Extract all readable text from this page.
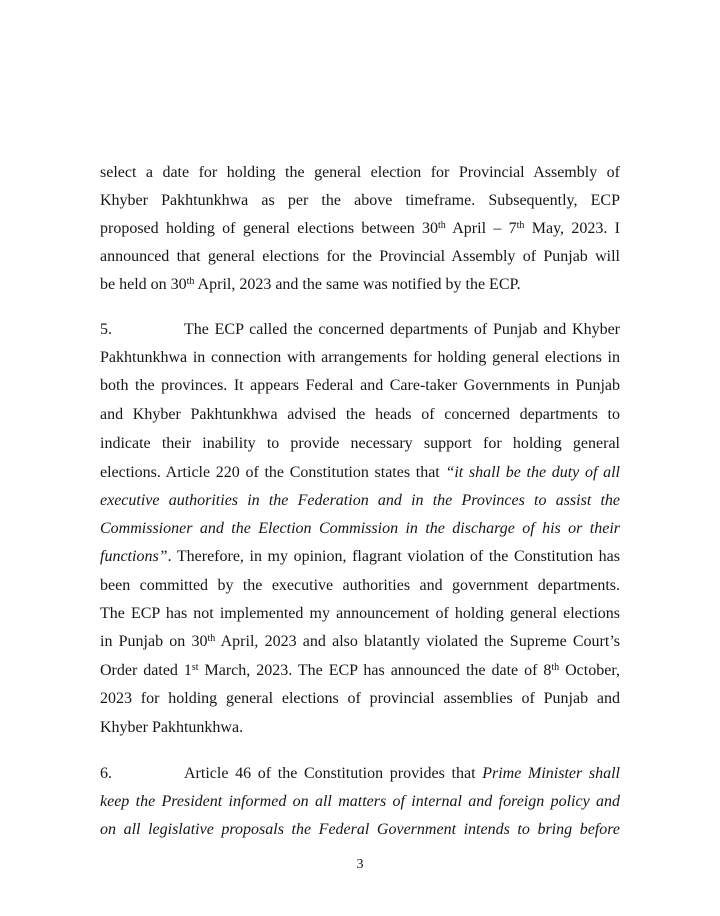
select a date for holding the general election for Provincial Assembly of
Khyber Pakhtunkhwa as per the above timeframe. Subsequently, ECP
proposed holding of general elections between 30th April – 7th May, 2023. I
announced that general elections for the Provincial Assembly of Punjab will
be held on 30th April, 2023 and the same was notified by the ECP.
5.	The ECP called the concerned departments of Punjab and Khyber
Pakhtunkhwa in connection with arrangements for holding general elections in
both the provinces. It appears Federal and Care-taker Governments in Punjab
and Khyber Pakhtunkhwa advised the heads of concerned departments to
indicate their inability to provide necessary support for holding general
elections. Article 220 of the Constitution states that “it shall be the duty of all
executive authorities in the Federation and in the Provinces to assist the
Commissioner and the Election Commission in the discharge of his or their
functions”. Therefore, in my opinion, flagrant violation of the Constitution has
been committed by the executive authorities and government departments.
The ECP has not implemented my announcement of holding general elections
in Punjab on 30th April, 2023 and also blatantly violated the Supreme Court’s
Order dated 1st March, 2023. The ECP has announced the date of 8th October,
2023 for holding general elections of provincial assemblies of Punjab and
Khyber Pakhtunkhwa.
6.	Article 46 of the Constitution provides that Prime Minister shall
keep the President informed on all matters of internal and foreign policy and
on all legislative proposals the Federal Government intends to bring before
3
